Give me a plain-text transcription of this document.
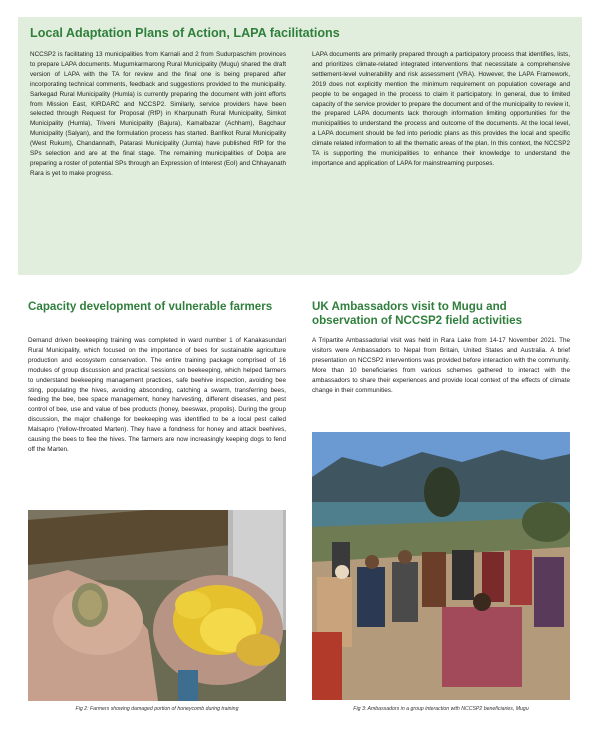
Local Adaptation Plans of Action, LAPA facilitations
NCCSP2 is facilitating 13 municipalities from Karnali and 2 from Sudurpaschim provinces to prepare LAPA documents. Mugumkarmarong Rural Municipality (Mugu) shared the draft version of LAPA with the TA for review and the final one is being prepared after incorporating technical comments, feedback and suggestions provided to the municipality. Sarkegad Rural Municipality (Humla) is currently preparing the document with joint efforts from Mission East, KIRDARC and NCCSP2. Similarly, service providers have been selected through Request for Proposal (RfP) in Kharpunath Rural Municipality, Simkot Municipality (Humla), Triveni Municipality (Bajura), Kamalbazar (Achham), Bagchaur Municipality (Salyan), and the formulation process has started. Banfikot Rural Municipality (West Rukum), Chandannath, Patarasi Municipality (Jumla) have published RfP for the SPs selection and are at the final stage. The remaining municipalities of Dolpa are preparing a roster of potential SPs through an Expression of Interest (EoI) and Chhayanath Rara is yet to make progress.
LAPA documents are primarily prepared through a participatory process that identifies, lists, and prioritizes climate-related integrated interventions that necessitate a comprehensive settlement-level vulnerability and risk assessment (VRA). However, the LAPA Framework, 2019 does not explicitly mention the minimum requirement on population coverage and people to be engaged in the process to claim it participatory. In general, due to limited capacity of the service provider to prepare the document and of the municipality to review it, the prepared LAPA documents lack thorough information limiting opportunities for the municipalities to understand the process and outcome of the documents. At the local level, a LAPA document should be fed into periodic plans as this provides the local and specific climate related information to all the thematic areas of the plan. In this context, the NCCSP2 TA is supporting the municipalities to enhance their knowledge to understand the importance and application of LAPA for mainstreaming purposes.
Capacity development of vulnerable farmers
Demand driven beekeeping training was completed in ward number 1 of Kanakasundari Rural Municipality, which focused on the importance of bees for sustainable agriculture production and ecosystem conservation. The entire training package comprised of 16 modules of group discussion and practical sessions on beekeeping, which helped farmers to understand beekeeping management practices, safe beehive inspection, avoiding bee sting, populating the hives, avoiding absconding, catching a swarm, transferring bees, feeding the bee, bee space management, honey harvesting, different diseases, and pest control of bee, use and value of bee products (honey, beeswax, propolis). During the group discussion, the major challenge for beekeeping was identified to be a local pest called Malsapro (Yellow-throated Marten). They have a fondness for honey and attack beehives, causing the bees to flee the hives. The farmers are now increasingly keeping dogs to fend off the Marten.
Fig 2: Farmers showing damaged portion of honeycomb during training
UK Ambassadors visit to Mugu and observation of NCCSP2 field activities
A Tripartite Ambassadorial visit was held in Rara Lake from 14-17 November 2021. The visitors were Ambassadors to Nepal from Britain, United States and Australia. A brief presentation on NCCSP2 interventions was provided before interaction with the community. More than 10 beneficiaries from various schemes gathered to interact with the ambassadors to share their experiences and provide local context of the effects of climate change in their communities.
Fig 3: Ambassadors in a group interaction with NCCSP2 beneficiaries, Mugu
